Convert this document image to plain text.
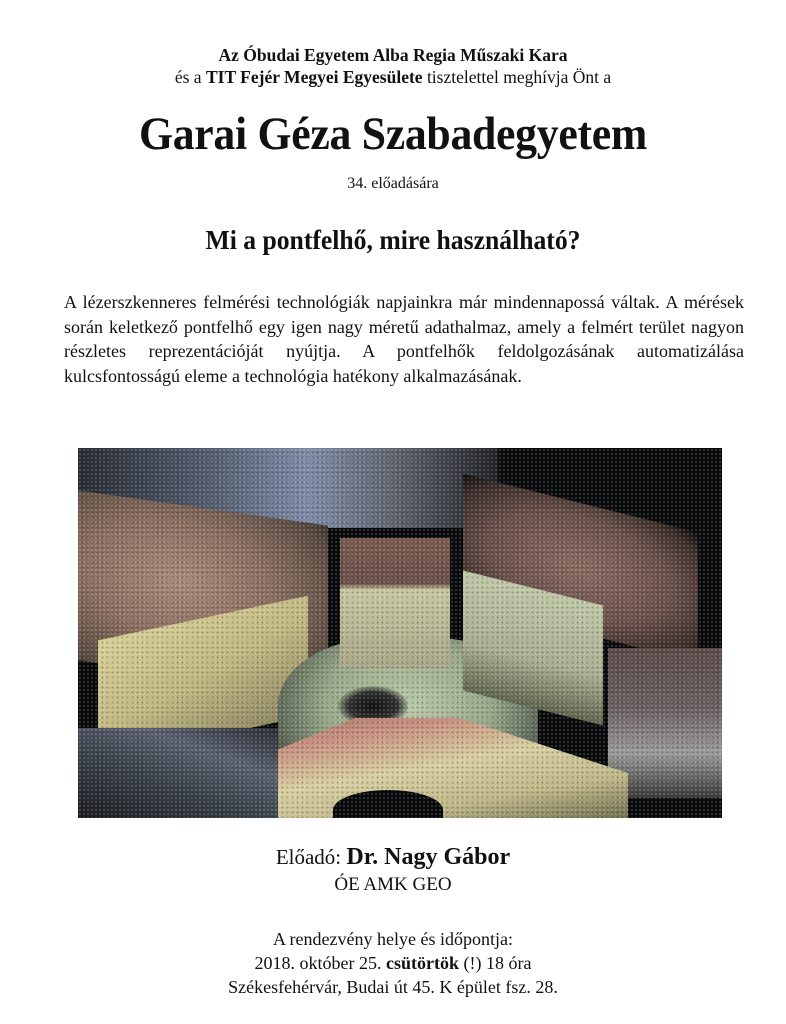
Az Óbudai Egyetem Alba Regia Műszaki Kara
és a TIT Fejér Megyei Egyesülete tisztelettel meghívja Önt a
Garai Géza Szabadegyetem
34. előadására
Mi a pontfelhő, mire használható?

A lézerszkenneres felmérési technológiák napjainkra már mindennapossá váltak. A mérések során keletkező pontfelhő egy igen nagy méretű adathalmaz, amely a felmért terület nagyon részletes reprezentációját nyújtja. A pontfelhők feldolgozásának automatizálása kulcsfontosságú eleme a technológia hatékony alkalmazásának.

Előadó: Dr. Nagy Gábor
ÓE AMK GEO
A rendezvény helye és időpontja:
2018. október 25. csütörtök (!) 18 óra
Székesfehérvár, Budai út 45. K épület fsz. 28.
